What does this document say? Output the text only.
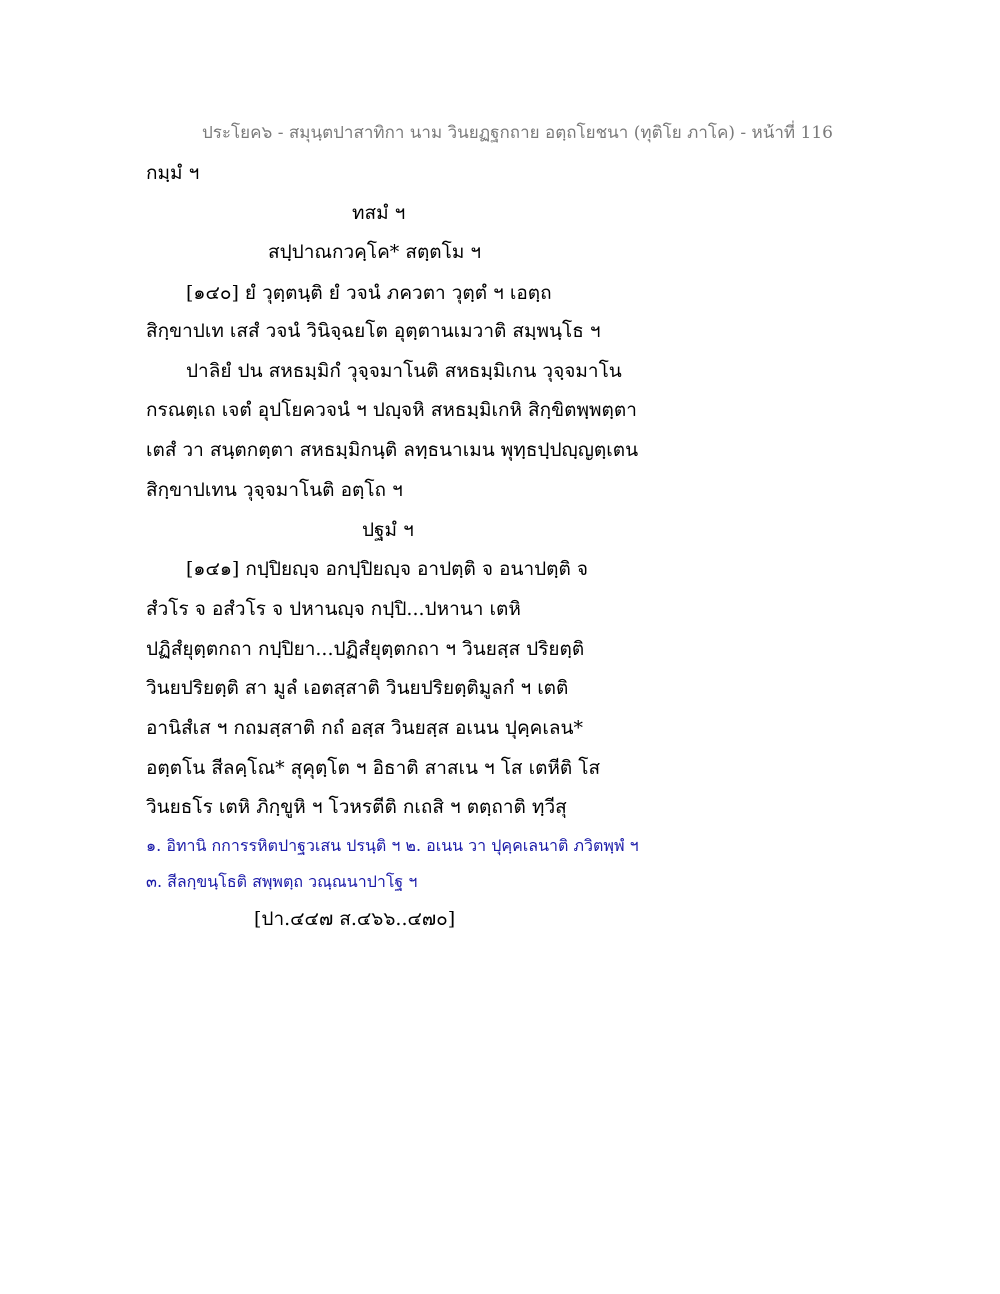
ประโยค๖ - สมุนฺตปาสาทิกา นาม วินยฏฐกถาย อตฺถโยชนา (ทุติโย ภาโค) - หน้าที่ 116
กมฺมํ ฯ
ทสมํ ฯ
สปฺปาณกวคฺโค* สตฺตโม ฯ
[๑๔๐] ยํ วุตฺตนฺติ ยํ วจนํ ภควตา วุตฺตํ ฯ เอตฺถ
สิกฺขาปเท เสสํ วจนํ วินิจฺฉยโต อุตฺตานเมวาติ สมฺพนฺโธ ฯ
ปาลิยํ ปน สหธมฺมิกํ วุจฺจมาโนติ สหธมฺมิเกน วุจฺจมาโน
กรณตฺเถ เจตํ อุปโยควจนํ ฯ ปญฺจหิ สหธมฺมิเกหิ สิกฺขิตพฺพตฺตา
เตสํ วา สนฺตกตฺตา สหธมฺมิกนฺติ ลทฺธนาเมน พุทฺธปฺปญฺญตฺเตน
สิกฺขาปเทน วุจฺจมาโนติ อตฺโถ ฯ
ปฐมํ ฯ
[๑๔๑] กปฺปิยญฺจ อกปฺปิยญฺจ อาปตฺติ จ อนาปตฺติ จ
สํวโร จ อสํวโร จ ปหานญฺจ กปฺปิ...ปหานา เตหิ
ปฏิสํยุตฺตกถา กปฺปิยา...ปฏิสํยุตฺตกถา ฯ วินยสฺส ปริยตฺติ
วินยปริยตฺติ สา มูลํ เอตสฺสาติ วินยปริยตฺติมูลกํ ฯ เตติ
อานิสํเส ฯ กถมสฺสาติ กถํ อสฺส วินยสฺส อเนน ปุคฺคเลน*
อตฺตโน สีลคฺโณ* สุคุตฺโต ฯ อิธาติ สาสเน ฯ โส เตหีติ โส
วินยธโร เตหิ ภิกฺขูหิ ฯ โวหรตีติ กเถสิ ฯ ตตฺถาติ ทฺวีสุ
๑. อิทานิ กการรหิตปาฐวเสน ปรนฺติ ฯ ๒. อเนน วา ปุคฺคเลนาติ ภวิตพฺพํ ฯ
๓. สีลกฺขนฺโธติ สพฺพตฺถ วณฺณนาปาโฐ ฯ
[ปา.๔๔๗ ส.๔๖๖..๔๗๐]
